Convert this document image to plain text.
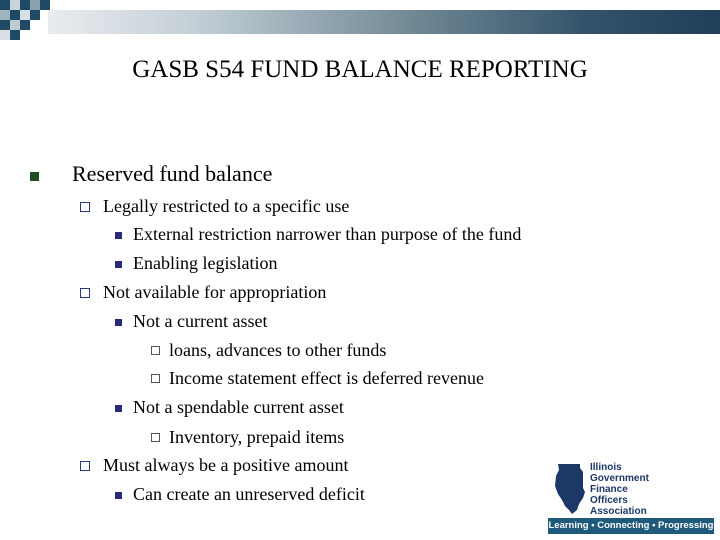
GASB S54 FUND BALANCE REPORTING
Reserved fund balance
Legally restricted to a specific use
External restriction narrower than purpose of the fund
Enabling legislation
Not available for appropriation
Not a current asset
loans, advances to other funds
Income statement effect is deferred revenue
Not a spendable current asset
Inventory, prepaid items
Must always be a positive amount
Can create an unreserved deficit
Illinois
Government
Finance
Officers
Association
Learning • Connecting • Progressing
